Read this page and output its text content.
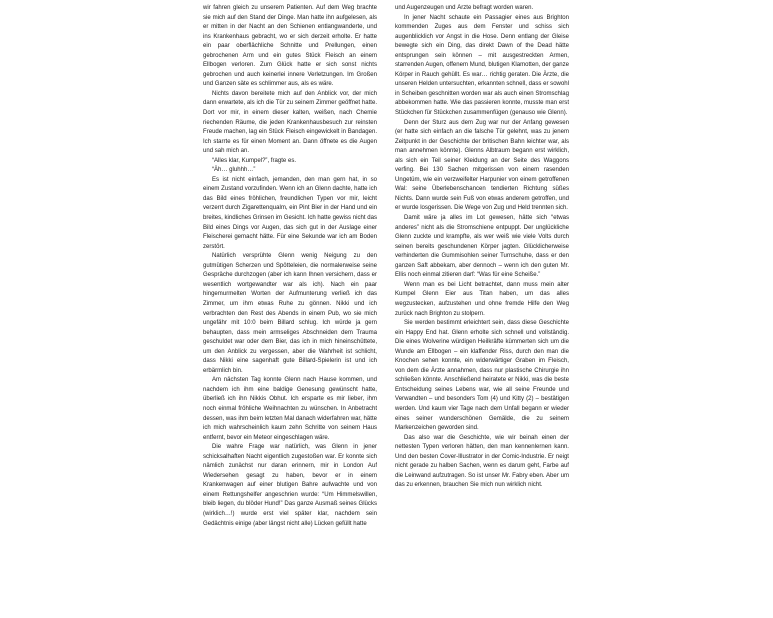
wir fahren gleich zu unserem Patienten. Auf dem Weg brachte sie mich auf den Stand der Dinge. Man hatte ihn aufgelesen, als er mitten in der Nacht an den Schienen entlangwanderte, und ins Krankenhaus gebracht, wo er sich derzeit erholte. Er hatte ein paar oberflächliche Schnitte und Prellungen, einen gebrochenen Arm und ein gutes Stück Fleisch an einem Ellbogen verloren. Zum Glück hatte er sich sonst nichts gebrochen und auch keinerlei innere Verletzungen. Im Großen und Ganzen säte es schlimmer aus, als es wäre.

Nichts davon bereitete mich auf den Anblick vor, der mich dann erwartete, als ich die Tür zu seinem Zimmer geöffnet hatte. Dort vor mir, in einem dieser kalten, weißen, nach Chemie riechenden Räume, die jeden Krankenhausbesuch zur reinsten Freude machen, lag ein Stück Fleisch eingewickelt in Bandagen. Ich starrte es für einen Moment an. Dann öffnete es die Augen und sah mich an.

“Alles klar, Kumpel?”, fragte es.

“Äh… gluhhh…”

Es ist nicht einfach, jemanden, den man gern hat, in so einem Zustand vorzufinden. Wenn ich an Glenn dachte, hatte ich das Bild eines fröhlichen, freundlichen Typen vor mir, leicht verzerrt durch Zigarettenqualm, ein Pint Bier in der Hand und ein breites, kindliches Grinsen im Gesicht. Ich hatte gewiss nicht das Bild eines Dings vor Augen, das sich gut in der Auslage einer Fleischerei gemacht hätte. Für eine Sekunde war ich am Boden zerstört.

Natürlich versprühte Glenn wenig Neigung zu den gutmütigen Scherzen und Spötteleien, die normalerweise seine Gespräche durchzogen (aber ich kann Ihnen versichern, dass er wesentlich wortgewandter war als ich). Nach ein paar hingemurmelten Worten der Aufmunterung verließ ich das Zimmer, um ihm etwas Ruhe zu gönnen. Nikki und ich verbrachten den Rest des Abends in einem Pub, wo sie mich ungefähr mit 10:0 beim Billard schlug. Ich würde ja gern behaupten, dass mein armseliges Abschneiden dem Trauma geschuldet war oder dem Bier, das ich in mich hineinschüttete, um den Anblick zu vergessen, aber die Wahrheit ist schlicht, dass Nikki eine sagenhaft gute Billard-Spielerin ist und ich erbärmlich bin.

Am nächsten Tag konnte Glenn nach Hause kommen, und nachdem ich ihm eine baldige Genesung gewünscht hatte, überließ ich ihn Nikkis Obhut. Ich ersparte es mir lieber, ihm noch einmal fröhliche Weihnachten zu wünschen. In Anbetracht dessen, was ihm beim letzten Mal danach widerfahren war, hätte ich mich wahrscheinlich kaum zehn Schritte von seinem Haus entfernt, bevor ein Meteor eingeschlagen wäre.

Die wahre Frage war natürlich, was Glenn in jener schicksalhaften Nacht eigentlich zugestoßen war. Er konnte sich nämlich zunächst nur daran erinnern, mir in London Auf Wiedersehen gesagt zu haben, bevor er in einem Krankenwagen auf einer blutigen Bahre aufwachte und von einem Rettungshelfer angeschrien wurde: “Um Himmelswillen, bleib liegen, du blöder Hund!” Das ganze Ausmaß seines Glücks (wirklich…!) wurde erst viel später klar, nachdem sein Gedächtnis einige (aber längst nicht alle) Lücken gefüllt hatte

und Augenzeugen und Ärzte befragt worden waren.

In jener Nacht schaute ein Passagier eines aus Brighton kommenden Zuges aus dem Fenster und schiss sich augenblicklich vor Angst in die Hose. Denn entlang der Gleise bewegte sich ein Ding, das direkt Dawn of the Dead hätte entsprungen sein können – mit ausgestreckten Armen, starrenden Augen, offenem Mund, blutigen Klamotten, der ganze Körper in Rauch gehüllt. Es war… richtig geraten. Die Ärzte, die unseren Helden untersuchten, erkannten schnell, dass er sowohl in Scheiben geschnitten worden war als auch einen Stromschlag abbekommen hatte. Wie das passieren konnte, musste man erst Stückchen für Stückchen zusammenfügen (genauso wie Glenn).

Denn der Sturz aus dem Zug war nur der Anfang gewesen (er hatte sich einfach an die falsche Tür gelehnt, was zu jenem Zeitpunkt in der Geschichte der britischen Bahn leichter war, als man annehmen könnte). Glenns Albtraum begann erst wirklich, als sich ein Teil seiner Kleidung an der Seite des Waggons verfing. Bei 130 Sachen mitgerissen von einem rasenden Ungetüm, wie ein verzweifelter Harpunier von einem getroffenen Wal: seine Überlebenschancen tendierten Richtung süßes Nichts. Dann wurde sein Fuß von etwas anderem getroffen, und er wurde losgerissen. Die Wege von Zug und Held trennten sich.

Damit wäre ja alles im Lot gewesen, hätte sich “etwas anderes” nicht als die Stromschiene entpuppt. Der unglückliche Glenn zuckte und krampfte, als wer weiß wie viele Volts durch seinen bereits geschundenen Körper jagten. Glücklicherweise verhinderten die Gummisohlen seiner Turnschuhe, dass er den ganzen Saft abbekam, aber dennoch – wenn ich den guten Mr. Ellis noch einmal zitieren darf: “Was für eine Scheiße.”

Wenn man es bei Licht betrachtet, dann muss mein alter Kumpel Glenn Eier aus Titan haben, um das alles wegzustecken, aufzustehen und ohne fremde Hilfe den Weg zurück nach Brighton zu stolpern.

Sie werden bestimmt erleichtert sein, dass diese Geschichte ein Happy End hat. Glenn erholte sich schnell und vollständig. Die eines Wolverine würdigen Heilkräfte kümmerten sich um die Wunde am Ellbogen – ein klaffender Riss, durch den man die Knochen sehen konnte, ein widerwärtiger Graben im Fleisch, von dem die Ärzte annahmen, dass nur plastische Chirurgie ihn schließen könnte. Anschließend heiratete er Nikki, was die beste Entscheidung seines Lebens war, wie all seine Freunde und Verwandten – und besonders Tom (4) und Kitty (2) – bestätigen werden. Und kaum vier Tage nach dem Unfall begann er wieder eines seiner wunderschönen Gemälde, die zu seinem Markenzeichen geworden sind.

Das also war die Geschichte, wie wir beinah einen der nettesten Typen verloren hätten, den man kennenlernen kann. Und den besten Cover-Illustrator in der Comic-Industrie. Er neigt nicht gerade zu halben Sachen, wenn es darum geht, Farbe auf die Leinwand aufzutragen. So ist unser Mr. Fabry eben. Aber um das zu erkennen, brauchen Sie mich nun wirklich nicht.
